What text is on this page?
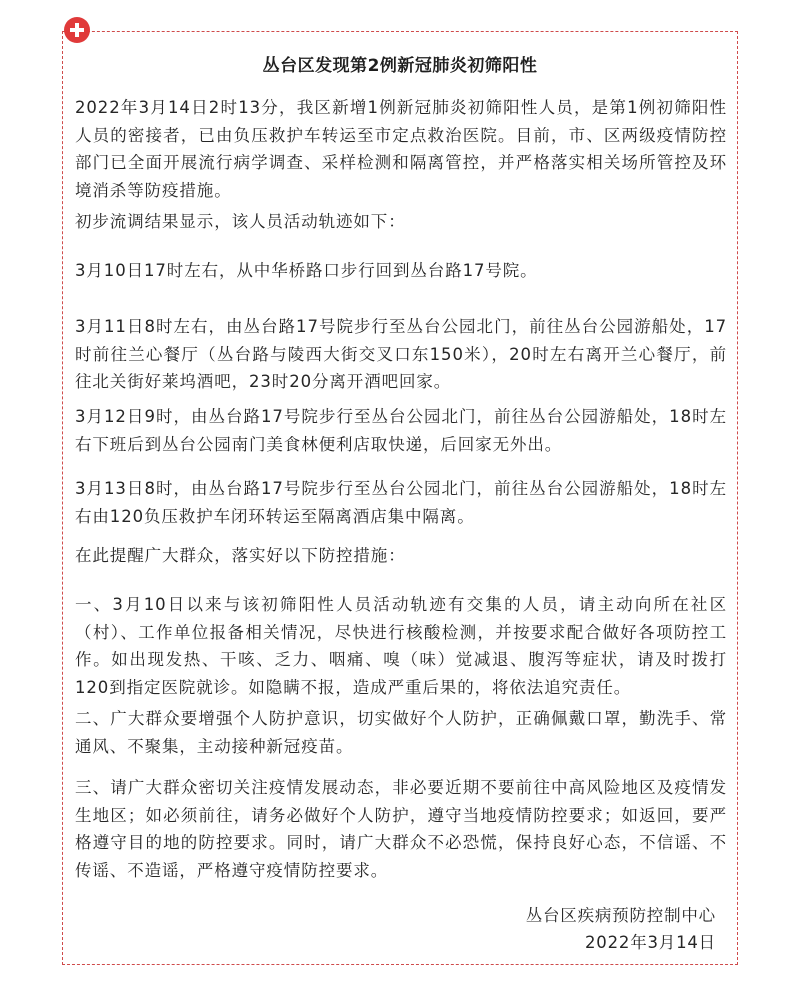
丛台区发现第2例新冠肺炎初筛阳性

2022年3月14日2时13分，我区新增1例新冠肺炎初筛阳性人员，是第1例初筛阳性人员的密接者，已由负压救护车转运至市定点救治医院。目前，市、区两级疫情防控部门已全面开展流行病学调查、采样检测和隔离管控，并严格落实相关场所管控及环境消杀等防疫措施。

初步流调结果显示，该人员活动轨迹如下：

3月10日17时左右，从中华桥路口步行回到丛台路17号院。

3月11日8时左右，由丛台路17号院步行至丛台公园北门，前往丛台公园游船处，17时前往兰心餐厅（丛台路与陵西大街交叉口东150米），20时左右离开兰心餐厅，前往北关街好莱坞酒吧，23时20分离开酒吧回家。

3月12日9时，由丛台路17号院步行至丛台公园北门，前往丛台公园游船处，18时左右下班后到丛台公园南门美食林便利店取快递，后回家无外出。

3月13日8时，由丛台路17号院步行至丛台公园北门，前往丛台公园游船处，18时左右由120负压救护车闭环转运至隔离酒店集中隔离。

在此提醒广大群众，落实好以下防控措施：

一、3月10日以来与该初筛阳性人员活动轨迹有交集的人员，请主动向所在社区（村）、工作单位报备相关情况，尽快进行核酸检测，并按要求配合做好各项防控工作。如出现发热、干咳、乏力、咽痛、嗅（味）觉减退、腹泻等症状，请及时拨打120到指定医院就诊。如隐瞒不报，造成严重后果的，将依法追究责任。

二、广大群众要增强个人防护意识，切实做好个人防护，正确佩戴口罩，勤洗手、常通风、不聚集，主动接种新冠疫苗。

三、请广大群众密切关注疫情发展动态，非必要近期不要前往中高风险地区及疫情发生地区；如必须前往，请务必做好个人防护，遵守当地疫情防控要求；如返回，要严格遵守目的地的防控要求。同时，请广大群众不必恐慌，保持良好心态，不信谣、不传谣、不造谣，严格遵守疫情防控要求。

丛台区疾病预防控制中心

2022年3月14日
